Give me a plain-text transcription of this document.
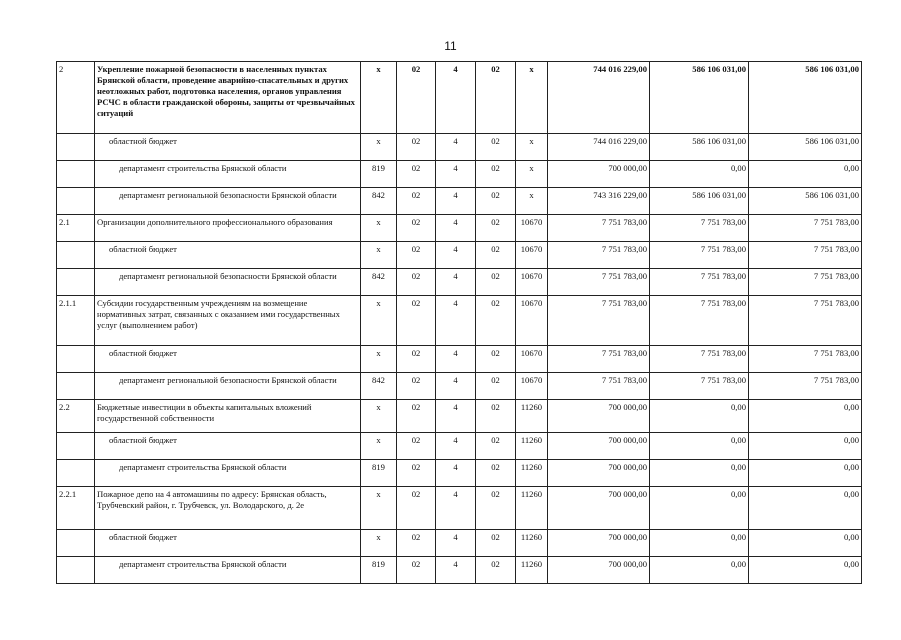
11
2	Укрепление пожарной безопасности в населенных пунктах Брянской области, проведение аварийно-спасательных и других неотложных работ, подготовка населения, органов управления РСЧС в области гражданской обороны, защиты от чрезвычайных ситуаций	х	02	4	02	х	744 016 229,00	586 106 031,00	586 106 031,00
	областной бюджет	х	02	4	02	х	744 016 229,00	586 106 031,00	586 106 031,00
	департамент строительства Брянской области	819	02	4	02	х	700 000,00	0,00	0,00
	департамент региональной безопасности Брянской области	842	02	4	02	х	743 316 229,00	586 106 031,00	586 106 031,00
2.1	Организации дополнительного профессионального образования	х	02	4	02	10670	7 751 783,00	7 751 783,00	7 751 783,00
	областной бюджет	х	02	4	02	10670	7 751 783,00	7 751 783,00	7 751 783,00
	департамент региональной безопасности Брянской области	842	02	4	02	10670	7 751 783,00	7 751 783,00	7 751 783,00
2.1.1	Субсидии государственным учреждениям на возмещение нормативных затрат, связанных с оказанием ими государственных услуг (выполнением работ)	х	02	4	02	10670	7 751 783,00	7 751 783,00	7 751 783,00
	областной бюджет	х	02	4	02	10670	7 751 783,00	7 751 783,00	7 751 783,00
	департамент региональной безопасности Брянской области	842	02	4	02	10670	7 751 783,00	7 751 783,00	7 751 783,00
2.2	Бюджетные инвестиции в объекты капитальных вложений государственной собственности	х	02	4	02	11260	700 000,00	0,00	0,00
	областной бюджет	х	02	4	02	11260	700 000,00	0,00	0,00
	департамент строительства Брянской области	819	02	4	02	11260	700 000,00	0,00	0,00
2.2.1	Пожарное депо на 4 автомашины по адресу: Брянская область, Трубчевский район, г. Трубчевск, ул. Володарского, д. 2е	х	02	4	02	11260	700 000,00	0,00	0,00
	областной бюджет	х	02	4	02	11260	700 000,00	0,00	0,00
	департамент строительства Брянской области	819	02	4	02	11260	700 000,00	0,00	0,00
